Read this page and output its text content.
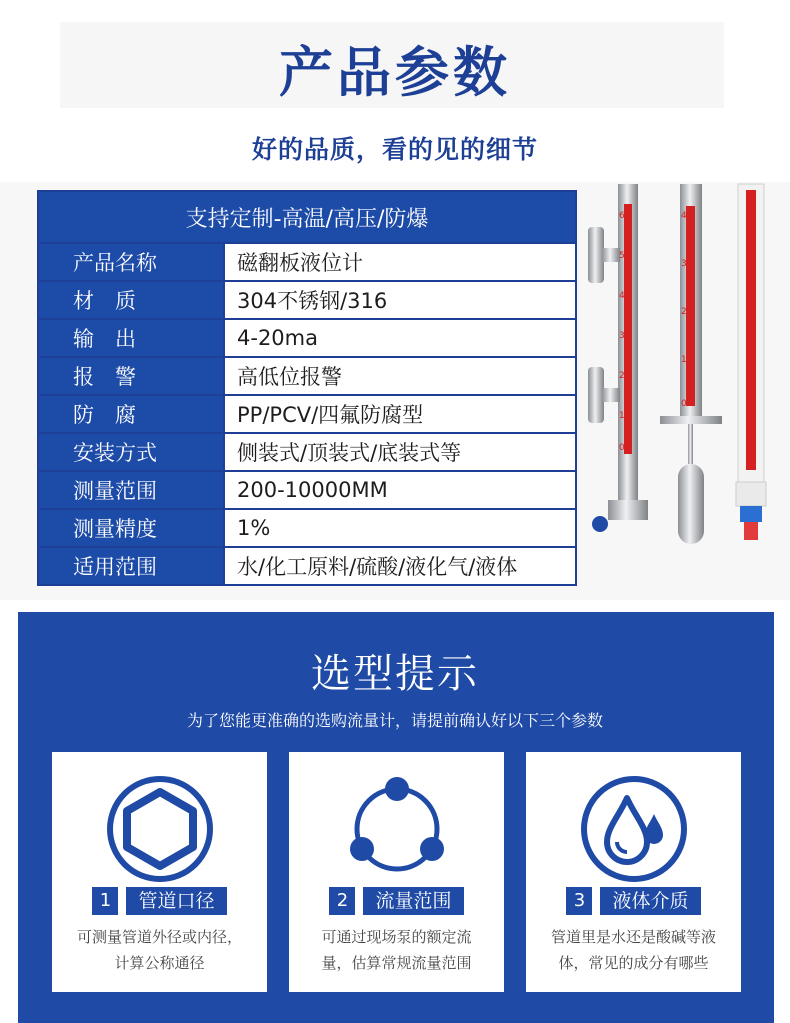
产品参数
好的品质，看的见的细节
支持定制-高温/高压/防爆	
产品名称	磁翻板液位计
材　质	304不锈钢/316
输　出	4-20ma
报　警	高低位报警
防　腐	PP/PCV/四氟防腐型
安装方式	侧装式/顶装式/底装式等
测量范围	200-10000MM
测量精度	1%
适用范围	水/化工原料/硫酸/液化气/液体
60
50
40
30
20
10
0
40
30
20
10
0
选型提示
为了您能更准确的选购流量计，请提前确认好以下三个参数
1	管道口径
可测量管道外径或内径，
计算公称通径
2	流量范围
可通过现场泵的额定流
量，估算常规流量范围
3	液体介质
管道里是水还是酸碱等液
体，常见的成分有哪些
